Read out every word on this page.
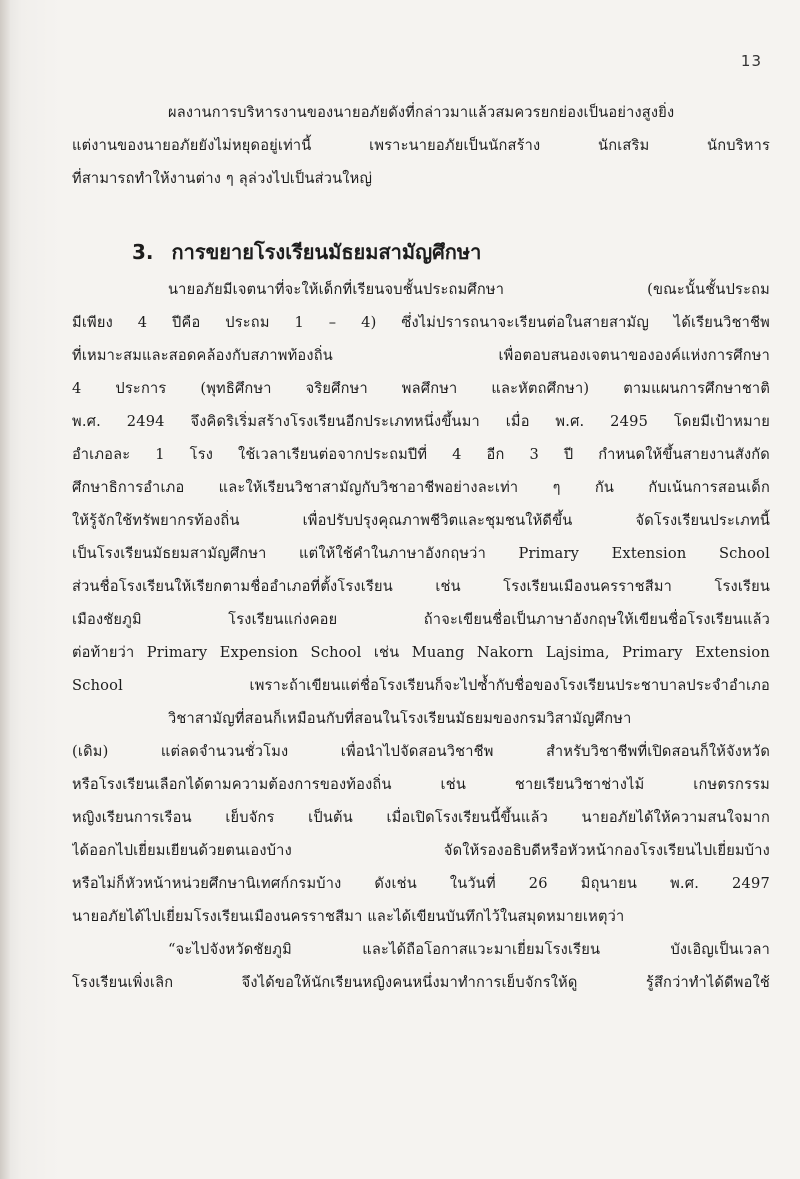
13
ผลงานการบริหารงานของนายอภัยดังที่กล่าวมาแล้วสมควรยกย่องเป็นอย่างสูงยิ่ง
แต่งานของนายอภัยยังไม่หยุดอยู่เท่านี้ เพราะนายอภัยเป็นนักสร้าง นักเสริม นักบริหาร
ที่สามารถทำให้งานต่าง ๆ ลุล่วงไปเป็นส่วนใหญ่
3. การขยายโรงเรียนมัธยมสามัญศึกษา
นายอภัยมีเจตนาที่จะให้เด็กที่เรียนจบชั้นประถมศึกษา (ขณะนั้นชั้นประถม
มีเพียง 4 ปีคือ ประถม 1 – 4) ซึ่งไม่ปรารถนาจะเรียนต่อในสายสามัญ ได้เรียนวิชาชีพ
ที่เหมาะสมและสอดคล้องกับสภาพท้องถิ่น เพื่อตอบสนองเจตนาขององค์แห่งการศึกษา
4 ประการ (พุทธิศึกษา จริยศึกษา พลศึกษา และหัตถศึกษา) ตามแผนการศึกษาชาติ
พ.ศ. 2494 จึงคิดริเริ่มสร้างโรงเรียนอีกประเภทหนึ่งขึ้นมา เมื่อ พ.ศ. 2495 โดยมีเป้าหมาย
อำเภอละ 1 โรง ใช้เวลาเรียนต่อจากประถมปีที่ 4 อีก 3 ปี กำหนดให้ขึ้นสายงานสังกัด
ศึกษาธิการอำเภอ และให้เรียนวิชาสามัญกับวิชาอาชีพอย่างละเท่า ๆ กัน กับเน้นการสอนเด็ก
ให้รู้จักใช้ทรัพยากรท้องถิ่น เพื่อปรับปรุงคุณภาพชีวิตและชุมชนให้ดีขึ้น จัดโรงเรียนประเภทนี้
เป็นโรงเรียนมัธยมสามัญศึกษา แต่ให้ใช้คำในภาษาอังกฤษว่า Primary Extension School
ส่วนชื่อโรงเรียนให้เรียกตามชื่ออำเภอที่ตั้งโรงเรียน เช่น โรงเรียนเมืองนครราชสีมา โรงเรียน
เมืองชัยภูมิ โรงเรียนแก่งคอย ถ้าจะเขียนชื่อเป็นภาษาอังกฤษให้เขียนชื่อโรงเรียนแล้ว
ต่อท้ายว่า Primary Expension School เช่น Muang Nakorn Lajsima, Primary Extension
School เพราะถ้าเขียนแต่ชื่อโรงเรียนก็จะไปซ้ำกับชื่อของโรงเรียนประชาบาลประจำอำเภอ
วิชาสามัญที่สอนก็เหมือนกับที่สอนในโรงเรียนมัธยมของกรมวิสามัญศึกษา
(เดิม) แต่ลดจำนวนชั่วโมง เพื่อนำไปจัดสอนวิชาชีพ สำหรับวิชาชีพที่เปิดสอนก็ให้จังหวัด
หรือโรงเรียนเลือกได้ตามความต้องการของท้องถิ่น เช่น ชายเรียนวิชาช่างไม้ เกษตรกรรม
หญิงเรียนการเรือน เย็บจักร เป็นต้น เมื่อเปิดโรงเรียนนี้ขึ้นแล้ว นายอภัยได้ให้ความสนใจมาก
ได้ออกไปเยี่ยมเยียนด้วยตนเองบ้าง จัดให้รองอธิบดีหรือหัวหน้ากองโรงเรียนไปเยี่ยมบ้าง
หรือไม่ก็หัวหน้าหน่วยศึกษานิเทศก์กรมบ้าง ดังเช่น ในวันที่ 26 มิถุนายน พ.ศ. 2497
นายอภัยได้ไปเยี่ยมโรงเรียนเมืองนครราชสีมา และได้เขียนบันทึกไว้ในสมุดหมายเหตุว่า
“จะไปจังหวัดชัยภูมิ และได้ถือโอกาสแวะมาเยี่ยมโรงเรียน บังเอิญเป็นเวลา
โรงเรียนเพิ่งเลิก จึงได้ขอให้นักเรียนหญิงคนหนึ่งมาทำการเย็บจักรให้ดู รู้สึกว่าทำได้ดีพอใช้
